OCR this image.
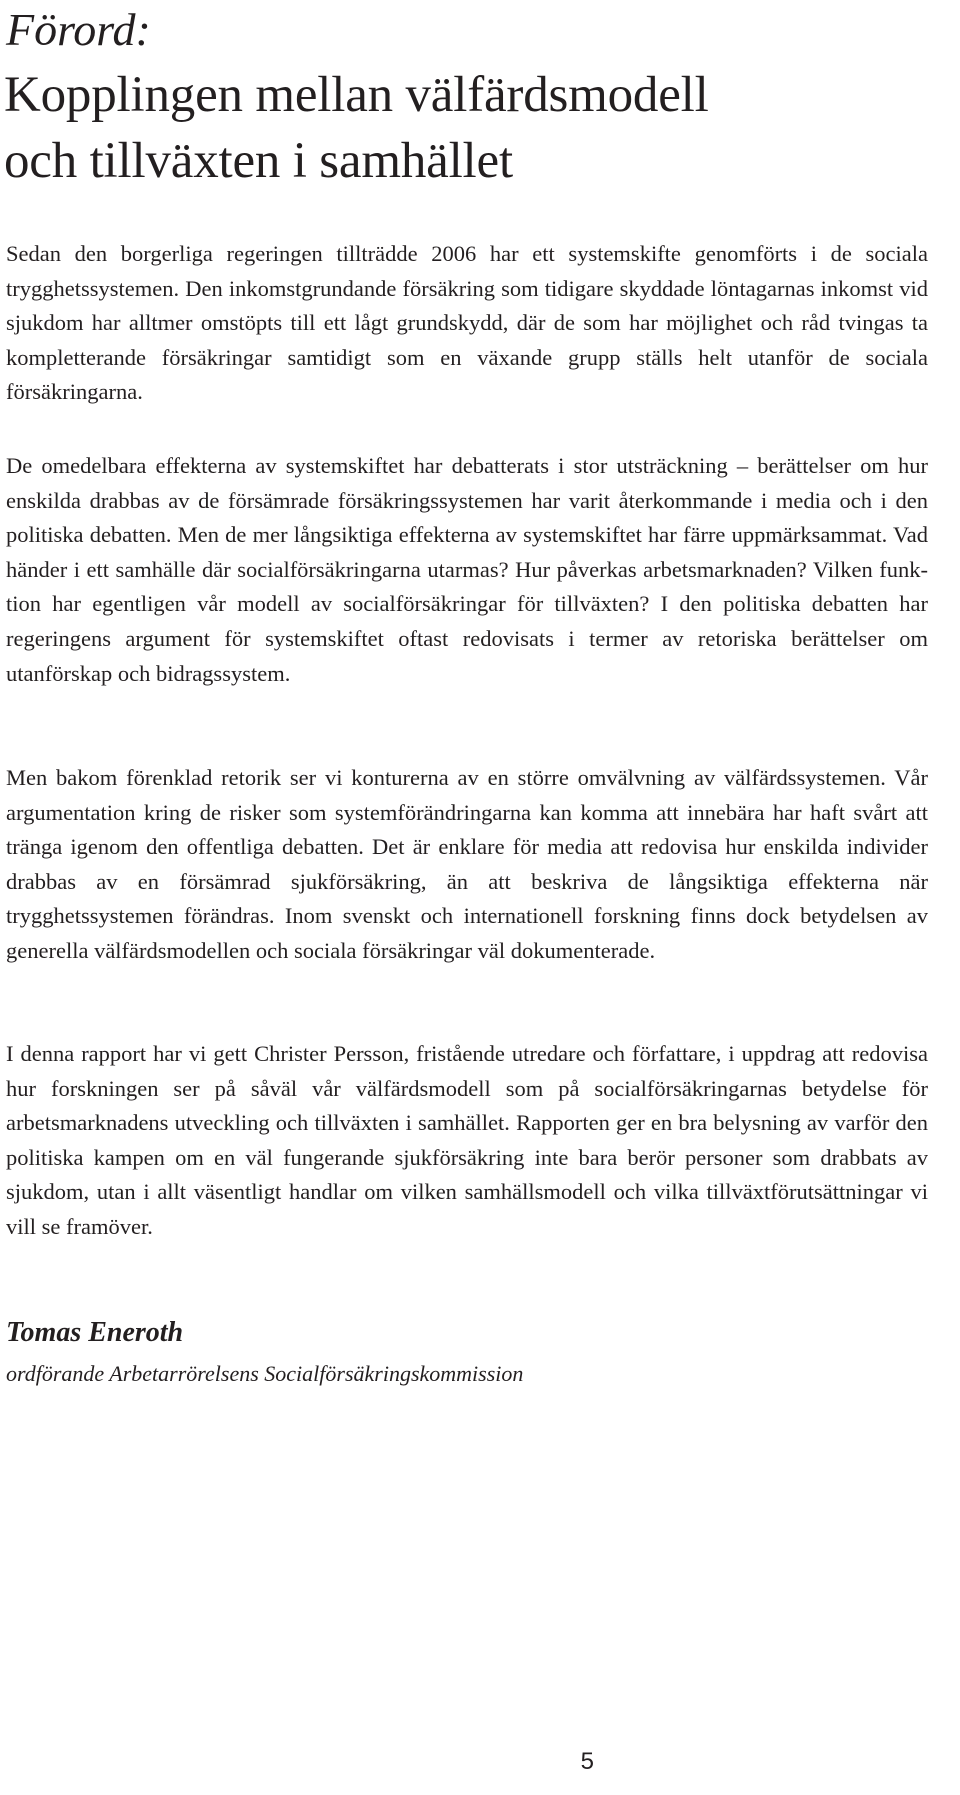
Förord:
Kopplingen mellan välfärdsmodell
och tillväxten i samhället

Sedan den borgerliga regeringen tillträdde 2006 har ett systemskifte genomförts i de sociala trygghetssystemen. Den inkomstgrundande försäkring som tidigare skyddade löntagarnas inkomst vid sjukdom har alltmer omstöpts till ett lågt grundskydd, där de som har möjlighet och råd tvingas ta kompletterande försäkringar samtidigt som en växande grupp ställs helt utanför de sociala försäkringarna.

De omedelbara effekterna av systemskiftet har debatterats i stor utsträckning – berättelser om hur enskilda drabbas av de försämrade försäkringssystemen har varit återkommande i media och i den politiska debatten. Men de mer långsiktiga effekterna av systemskiftet har färre uppmärksammat. Vad händer i ett samhälle där socialförsäkringarna utarmas? Hur påverkas arbetsmarknaden? Vilken funktion har egentligen vår modell av socialförsäkringar för tillväxten? I den politiska debatten har regeringens argument för systemskiftet oftast redovisats i termer av retoriska berättelser om utanförskap och bidragssystem.

Men bakom förenklad retorik ser vi konturerna av en större omvälvning av välfärdssystemen. Vår argumentation kring de risker som systemförändringarna kan komma att innebära har haft svårt att tränga igenom den offentliga debatten. Det är enklare för media att redovisa hur enskilda individer drabbas av en försämrad sjukförsäkring, än att beskriva de långsiktiga effekterna när trygghetssystemen förändras. Inom svenskt och internationell forskning finns dock betydelsen av generella välfärdsmodellen och sociala försäkringar väl dokumenterade.

I denna rapport har vi gett Christer Persson, fristående utredare och författare, i uppdrag att redovisa hur forskningen ser på såväl vår välfärdsmodell som på socialförsäkringarnas betydelse för arbetsmarknadens utveckling och tillväxten i samhället. Rapporten ger en bra belysning av varför den politiska kampen om en väl fungerande sjukförsäkring inte bara berör personer som drabbats av sjukdom, utan i allt väsentligt handlar om vilken samhällsmodell och vilka tillväxtförutsättningar vi vill se framöver.

Tomas Eneroth

ordförande Arbetarrörelsens Socialförsäkringskommission

5
